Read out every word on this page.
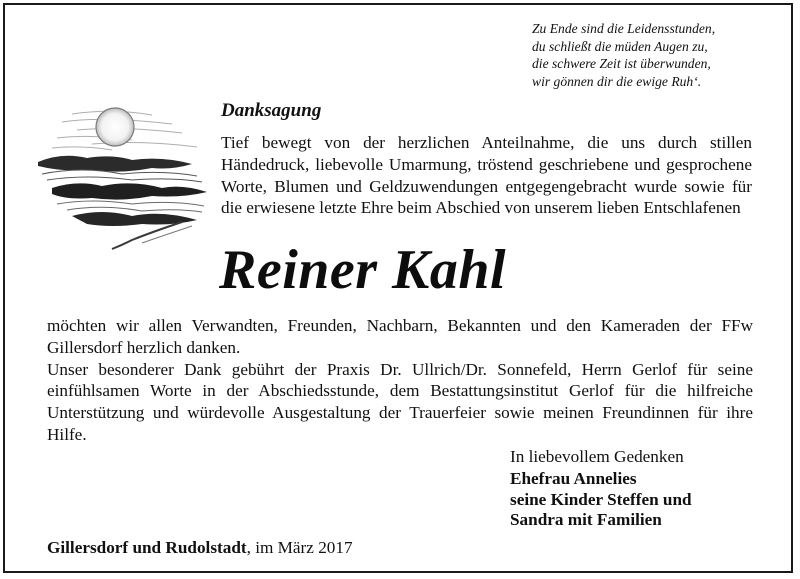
Zu Ende sind die Leidensstunden,
du schließt die müden Augen zu,
die schwere Zeit ist überwunden,
wir gönnen dir die ewige Ruh‘.
Danksagung
Tief bewegt von der herzlichen Anteilnahme, die uns durch stillen Händedruck, liebevolle Umarmung, tröstend geschriebene und gesprochene Worte, Blumen und Geldzuwendungen entgegengebracht wurde sowie für die erwiesene letzte Ehre beim Abschied von unserem lieben Entschlafenen
Reiner Kahl

möchten wir allen Verwandten, Freunden, Nachbarn, Bekannten und den Kameraden der FFw Gillersdorf herzlich danken.

Unser besonderer Dank gebührt der Praxis Dr. Ullrich/Dr. Sonnefeld, Herrn Gerlof für seine einfühlsamen Worte in der Abschiedsstunde, dem Bestattungsinstitut Gerlof für die hilfreiche Unterstützung und würdevolle Ausgestaltung der Trauerfeier sowie meinen Freundinnen für ihre Hilfe.

In liebevollem Gedenken
Ehefrau Annelies
seine Kinder Steffen und
Sandra mit Familien
Gillersdorf und Rudolstadt, im März 2017
